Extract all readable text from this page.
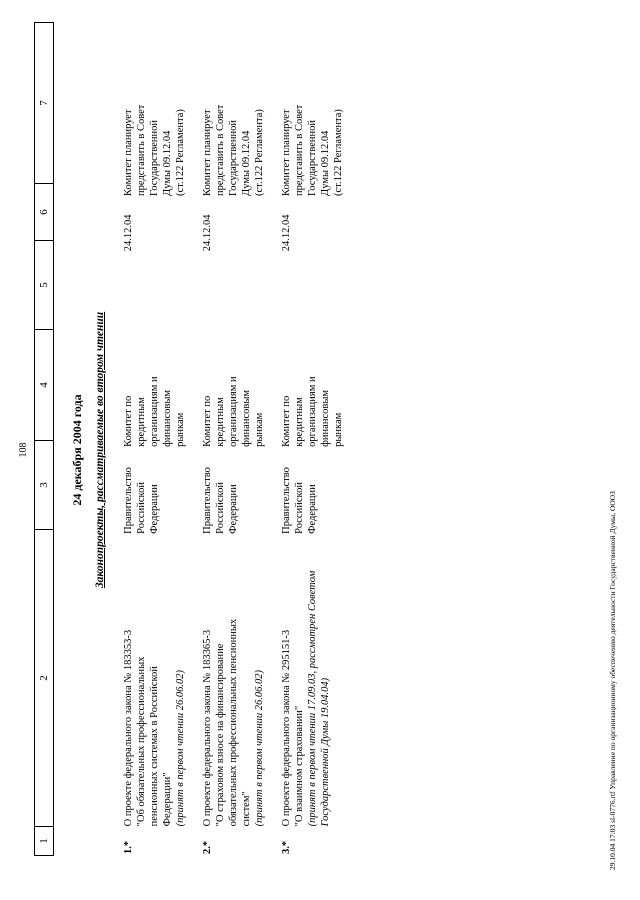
108
1
2
3
4
5
6
7
24 декабря 2004 года Законопроекты, рассматриваемые во втором чтении
1.*
О проекте федерального закона № 183353-3 "Об обязательных профессиональных пенсионных системах в Российской Федерации" (принят в первом чтении 26.06.02)
Правительство Российской Федерации
Комитет по кредитным организациям и финансовым рынкам
24.12.04
Комитет планирует представить в Совет Государственной Думы 09.12.04 (ст.122 Регламента)
2.*
О проекте федерального закона № 183365-3 "О страховом взносе на финансирование обязательных профессиональных пенсионных систем" (принят в первом чтении 26.06.02)
Правительство Российской Федерации
Комитет по кредитным организациям и финансовым рынкам
24.12.04
Комитет планирует представить в Совет Государственной Думы 09.12.04 (ст.122 Регламента)
3.*
О проекте федерального закона № 295151-3 "О взаимном страховании" (принят в первом чтении 17.09.03, рассмотрен Советом Государственной Думы 19.04.04)
Правительство Российской Федерации
Комитет по кредитным организациям и финансовым рынкам
24.12.04
Комитет планирует представить в Совет Государственной Думы 09.12.04 (ст.122 Регламента)
29.10.04 17:03 sl-0776.rtf Управление по организационному обеспечению деятельности Государственной Думы, ОООЗ
